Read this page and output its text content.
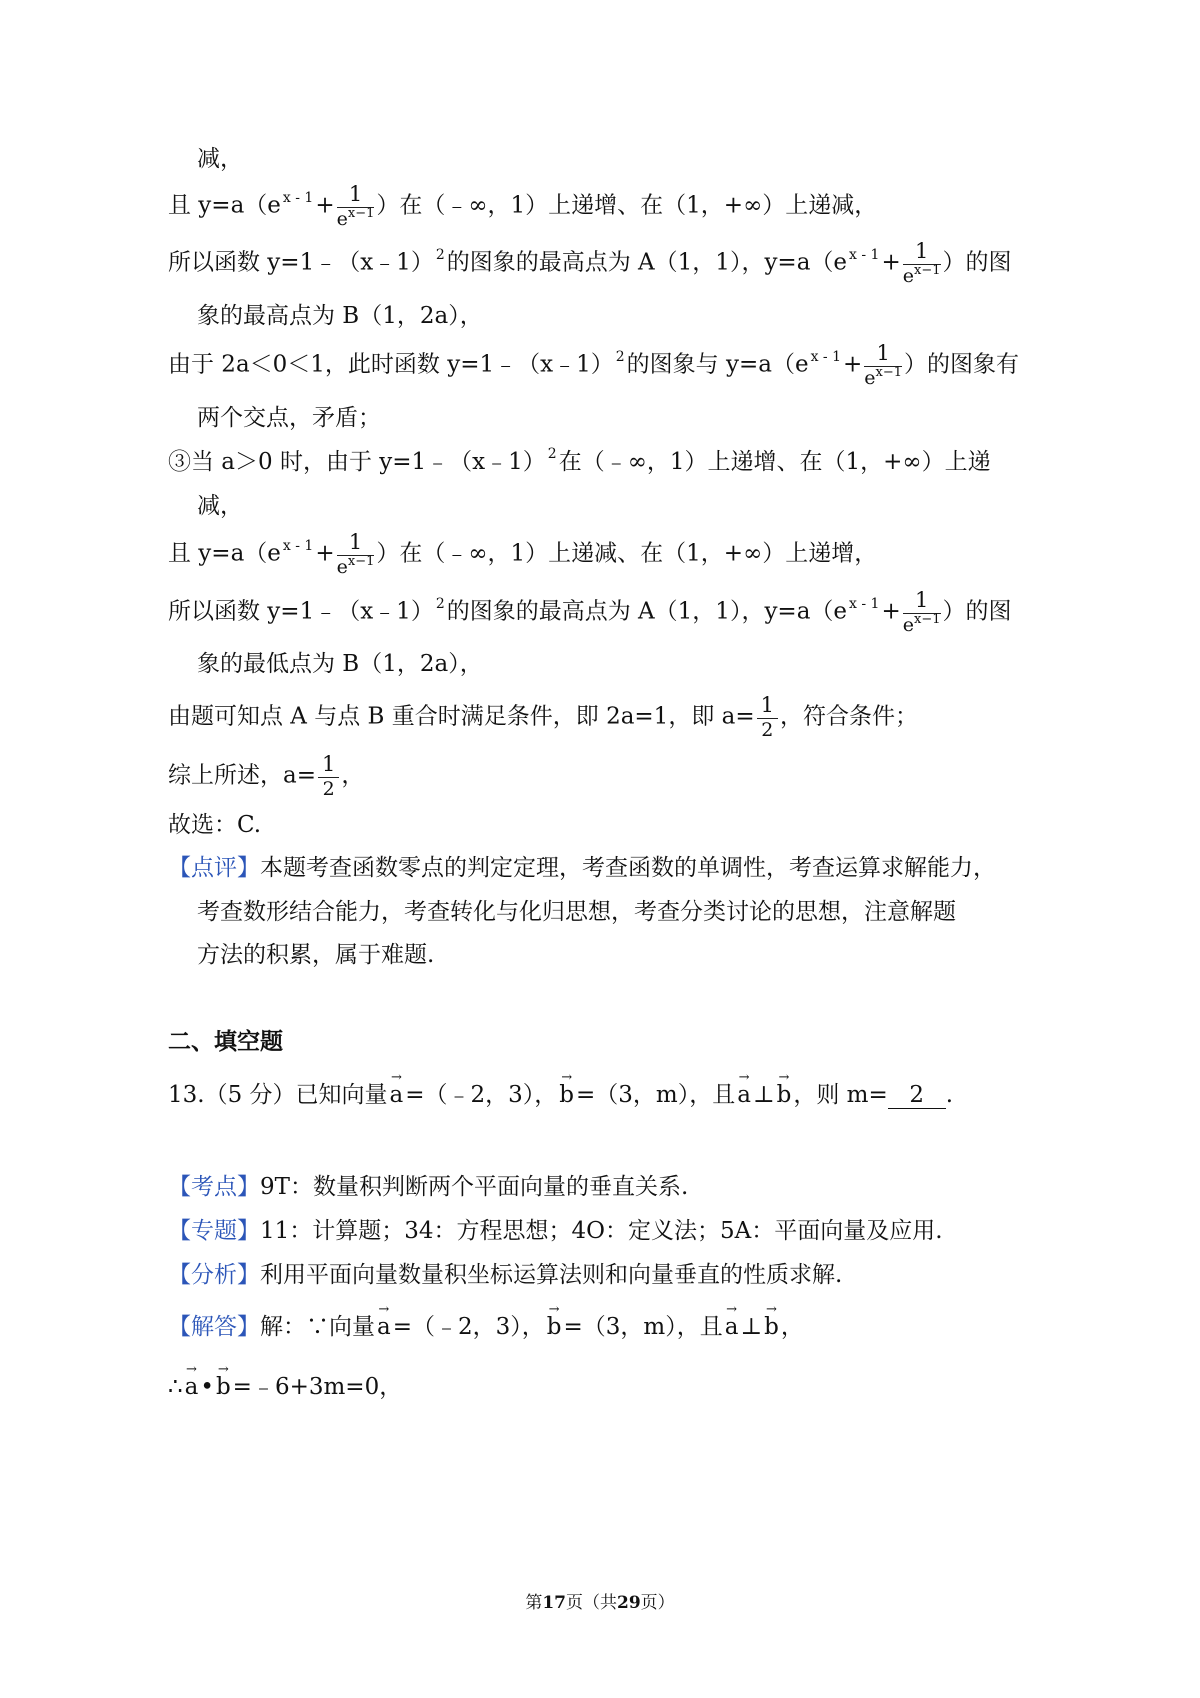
减，
且 y=a（e $^{x - 1}+ \frac{1}{e^{x-1}}$ ）在（﹣∞，1）上递增、在（1，+∞）上递减，
所以函数 y=1﹣（x﹣1） $^2$的图象的最高点为 A（1，1），y=a（e $^{x - 1}+ \frac{1}{e^{x-1}}$ ）的图
象的最高点为 B（1，2a），
由于 2a＜0＜1，此时函数 y=1﹣（x﹣1） $^2$的图象与 y=a（e $^{x - 1}+ \frac{1}{e^{x-1}}$ ）的图象有
两个交点，矛盾；
③当 a＞0 时，由于 y=1﹣（x﹣1） $^2$在（﹣∞，1）上递增、在（1，+∞）上递
减，
且 y=a（e $^{x - 1}+ \frac{1}{e^{x-1}}$ ）在（﹣∞，1）上递减、在（1，+∞）上递增，
所以函数 y=1﹣（x﹣1） $^2$的图象的最高点为 A（1，1），y=a（e $^{x - 1}+ \frac{1}{e^{x-1}}$ ）的图
象的最低点为 B（1，2a），
由题可知点 A 与点 B 重合时满足条件，即 2a=1，即 $a= \frac{1}{2}$ ，符合条件；
综上所述，$a= \frac{1}{2}$ ，
故选：C.
【点评】本题考查函数零点的判定定理，考查函数的单调性，考查运算求解能力，
考查数形结合能力，考查转化与化归思想，考查分类讨论的思想，注意解题
方法的积累，属于难题.
二、填空题
13.（5 分）已知向量→ a=（﹣2，3），→ b=（3，m），且→ a⊥→ b，则 m= 2 .
【考点】9T：数量积判断两个平面向量的垂直关系.
【专题】11：计算题；34：方程思想；4O：定义法；5A：平面向量及应用.
【分析】利用平面向量数量积坐标运算法则和向量垂直的性质求解.
【解答】解：∵向量→ a=（﹣2，3），→ b=（3，m），且→ a⊥→ b，
∴→ a•→ b=﹣6+3m=0，
第17页（共29页）
